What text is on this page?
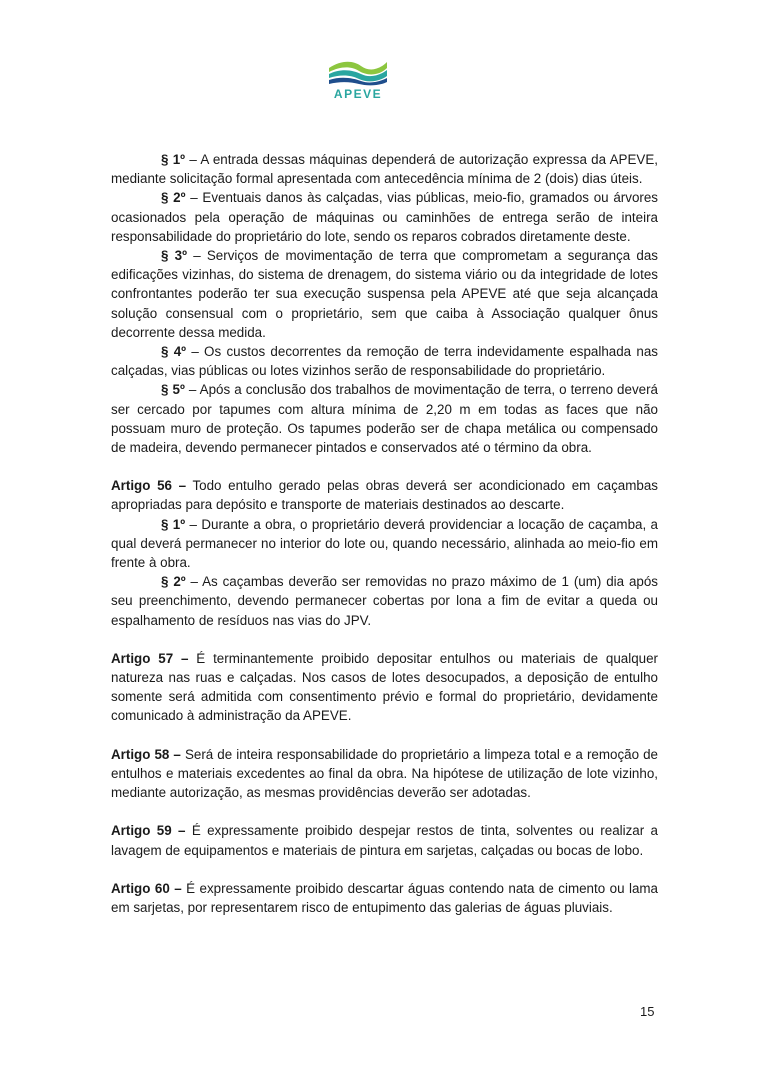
APEVE

§ 1º – A entrada dessas máquinas dependerá de autorização expressa da APEVE, mediante solicitação formal apresentada com antecedência mínima de 2 (dois) dias úteis.

§ 2º – Eventuais danos às calçadas, vias públicas, meio-fio, gramados ou árvores ocasionados pela operação de máquinas ou caminhões de entrega serão de inteira responsabilidade do proprietário do lote, sendo os reparos cobrados diretamente deste.

§ 3º – Serviços de movimentação de terra que comprometam a segurança das edificações vizinhas, do sistema de drenagem, do sistema viário ou da integridade de lotes confrontantes poderão ter sua execução suspensa pela APEVE até que seja alcançada solução consensual com o proprietário, sem que caiba à Associação qualquer ônus decorrente dessa medida.

§ 4º – Os custos decorrentes da remoção de terra indevidamente espalhada nas calçadas, vias públicas ou lotes vizinhos serão de responsabilidade do proprietário.

§ 5º – Após a conclusão dos trabalhos de movimentação de terra, o terreno deverá ser cercado por tapumes com altura mínima de 2,20 m em todas as faces que não possuam muro de proteção. Os tapumes poderão ser de chapa metálica ou compensado de madeira, devendo permanecer pintados e conservados até o término da obra.

Artigo 56 – Todo entulho gerado pelas obras deverá ser acondicionado em caçambas apropriadas para depósito e transporte de materiais destinados ao descarte.

§ 1º – Durante a obra, o proprietário deverá providenciar a locação de caçamba, a qual deverá permanecer no interior do lote ou, quando necessário, alinhada ao meio-fio em frente à obra.

§ 2º – As caçambas deverão ser removidas no prazo máximo de 1 (um) dia após seu preenchimento, devendo permanecer cobertas por lona a fim de evitar a queda ou espalhamento de resíduos nas vias do JPV.

Artigo 57 – É terminantemente proibido depositar entulhos ou materiais de qualquer natureza nas ruas e calçadas. Nos casos de lotes desocupados, a deposição de entulho somente será admitida com consentimento prévio e formal do proprietário, devidamente comunicado à administração da APEVE.

Artigo 58 – Será de inteira responsabilidade do proprietário a limpeza total e a remoção de entulhos e materiais excedentes ao final da obra. Na hipótese de utilização de lote vizinho, mediante autorização, as mesmas providências deverão ser adotadas.

Artigo 59 – É expressamente proibido despejar restos de tinta, solventes ou realizar a lavagem de equipamentos e materiais de pintura em sarjetas, calçadas ou bocas de lobo.

Artigo 60 – É expressamente proibido descartar águas contendo nata de cimento ou lama em sarjetas, por representarem risco de entupimento das galerias de águas pluviais.

15
